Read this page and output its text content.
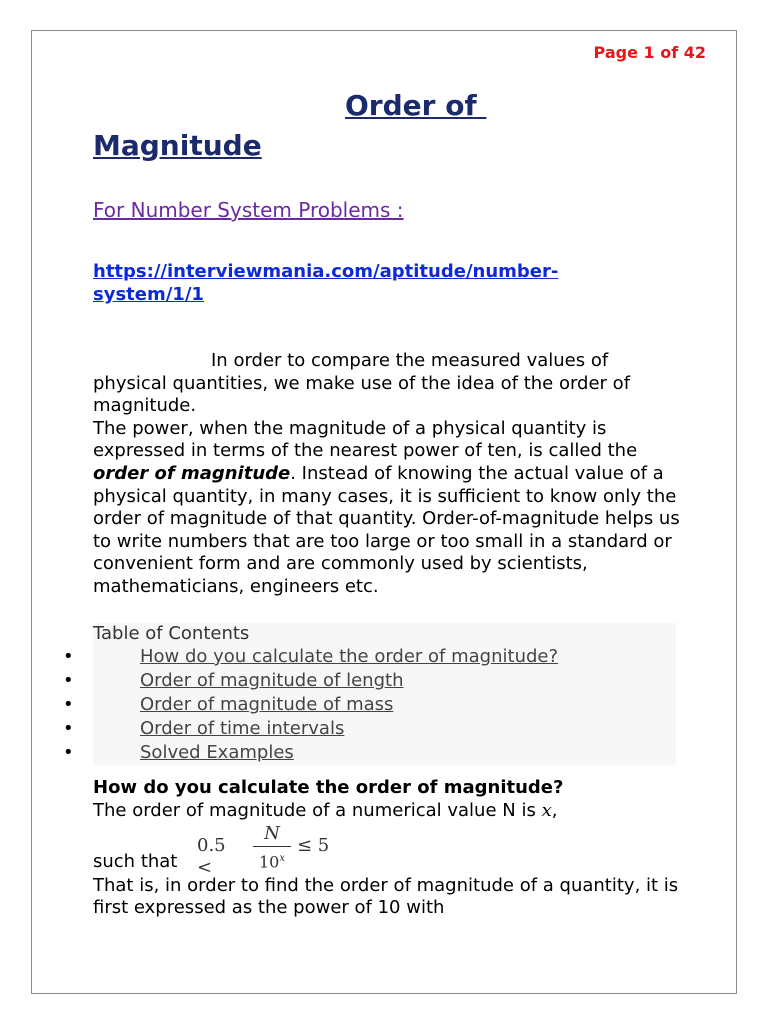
Page 1 of 42
Order of
Magnitude
For Number System Problems :
https://interviewmania.com/aptitude/number-
system/1/1

In order to compare the measured values of physical quantities, we make use of the idea of the order of magnitude.

The power, when the magnitude of a physical quantity is expressed in terms of the nearest power of ten, is called the order of magnitude. Instead of knowing the actual value of a physical quantity, in many cases, it is sufficient to know only the order of magnitude of that quantity. Order-of-magnitude helps us to write numbers that are too large or too small in a standard or convenient form and are commonly used by scientists, mathematicians, engineers etc.

Table of Contents
•	How do you calculate the order of magnitude?
•	Order of magnitude of length
•	Order of magnitude of mass
•	Order of time intervals
•	Solved Examples
How do you calculate the order of magnitude?

The order of magnitude of a numerical value N is x,

such that
0.5 <
N
$10^x$
≤ 5

That is, in order to find the order of magnitude of a quantity, it is first expressed as the power of 10 with
